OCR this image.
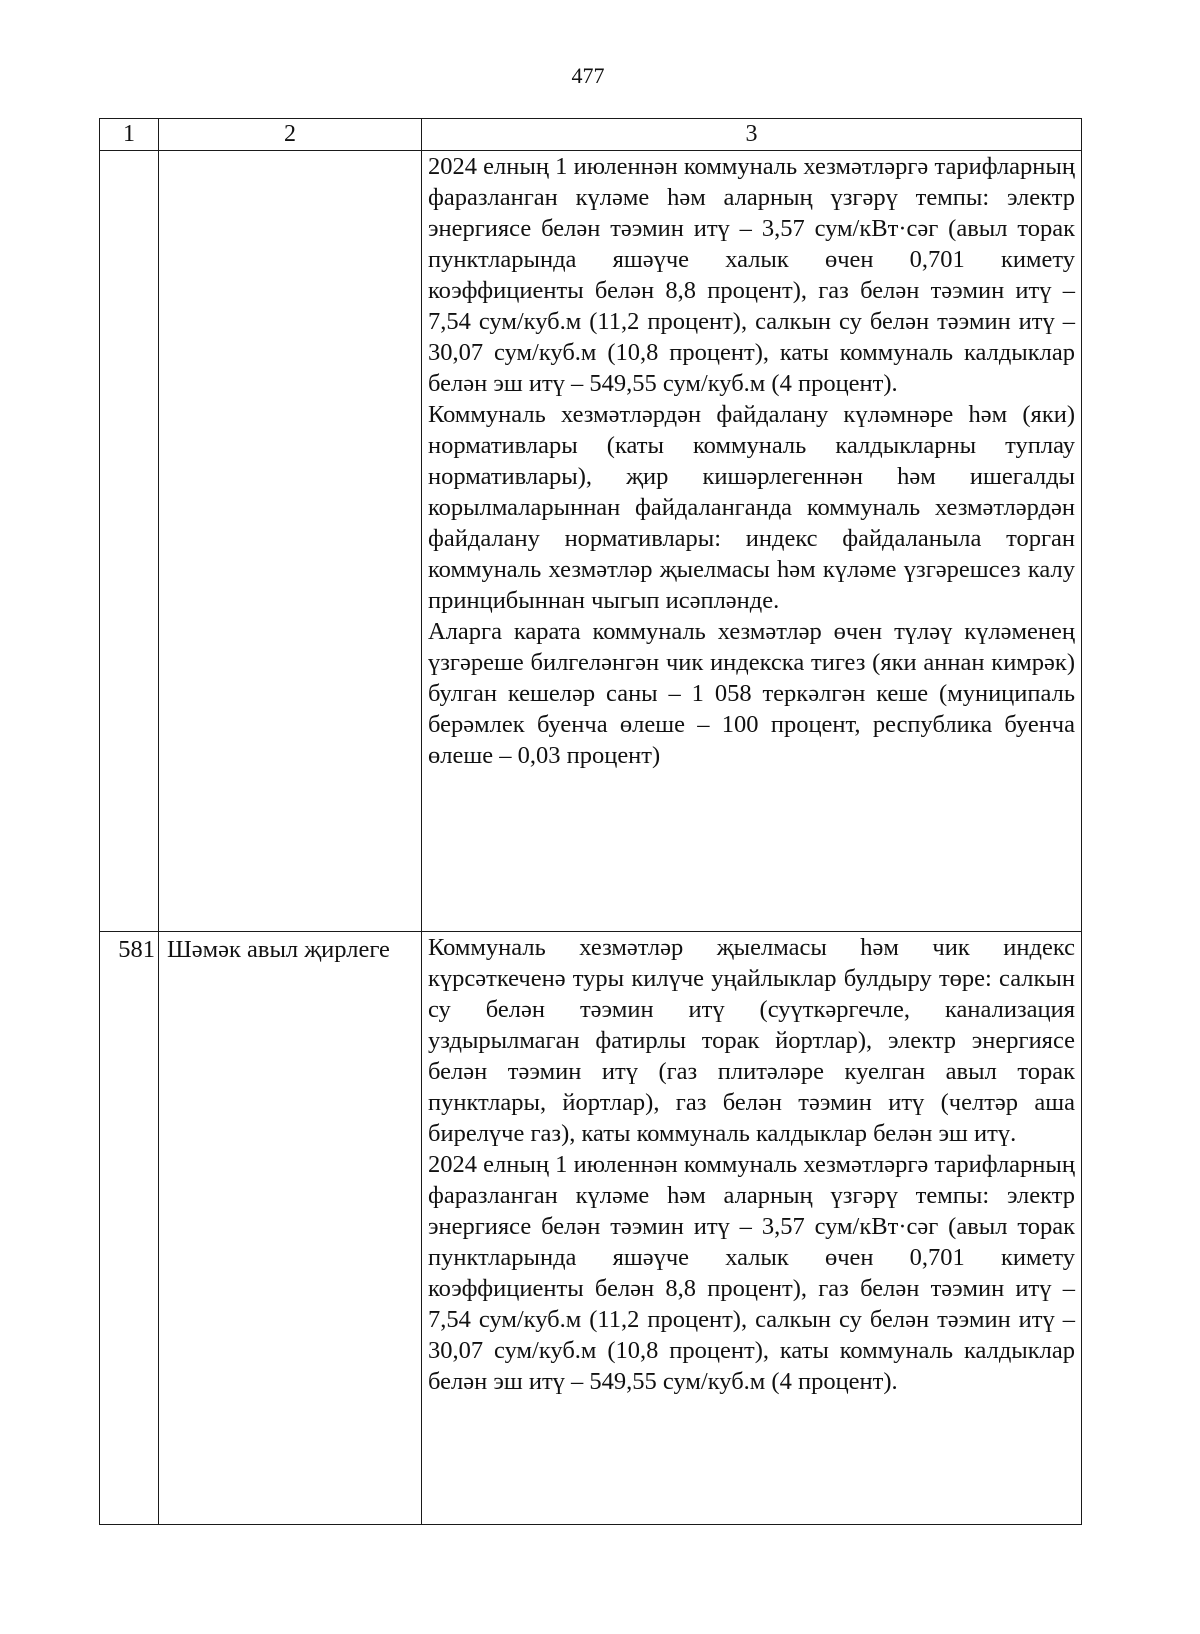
477
1	2	3

		2024 елның 1 июленнән коммуналь хезмәтләргә тарифларның фаразланган күләме һәм аларның үзгәрү темпы: электр энергиясе белән тәэмин итү – 3,57 сум/кВт·сәг (авыл торак пунктларында яшәүче халык өчен 0,701 кимету коэффициенты белән 8,8 процент), газ белән тәэмин итү – 7,54 сум/куб.м (11,2 процент), салкын су белән тәэмин итү – 30,07 сум/куб.м (10,8 процент), каты коммуналь калдыклар белән эш итү – 549,55 сум/куб.м (4 процент).

Коммуналь хезмәтләрдән файдалану күләмнәре һәм (яки) нормативлары (каты коммуналь калдыкларны туплау нормативлары), җир кишәрлегеннән һәм ишегалды корылмаларыннан файдаланганда коммуналь хезмәтләрдән файдалану нормативлары: индекс файдаланыла торган коммуналь хезмәтләр җыелмасы һәм күләме үзгәрешсез калу принцибыннан чыгып исәпләнде.

Аларга карата коммуналь хезмәтләр өчен түләү күләменең үзгәреше билгеләнгән чик индекска тигез (яки аннан кимрәк) булган кешеләр саны – 1 058 теркәлгән кеше (муниципаль берәмлек буенча өлеше – 100 процент, республика буенча өлеше – 0,03 процент)

581	Шәмәк авыл җирлеге	Коммуналь хезмәтләр җыелмасы һәм чик индекс күрсәткеченә туры килүче уңайлыклар булдыру төре: салкын су белән тәэмин итү (суүткәргечле, канализация уздырылмаган фатирлы торак йортлар), электр энергиясе белән тәэмин итү (газ плитәләре куелган авыл торак пунктлары, йортлар), газ белән тәэмин итү (челтәр аша бирелүче газ), каты коммуналь калдыклар белән эш итү.

2024 елның 1 июленнән коммуналь хезмәтләргә тарифларның фаразланган күләме һәм аларның үзгәрү темпы: электр энергиясе белән тәэмин итү – 3,57 сум/кВт·сәг (авыл торак пунктларында яшәүче халык өчен 0,701 кимету коэффициенты белән 8,8 процент), газ белән тәэмин итү – 7,54 сум/куб.м (11,2 процент), салкын су белән тәэмин итү – 30,07 сум/куб.м (10,8 процент), каты коммуналь калдыклар белән эш итү – 549,55 сум/куб.м (4 процент).
